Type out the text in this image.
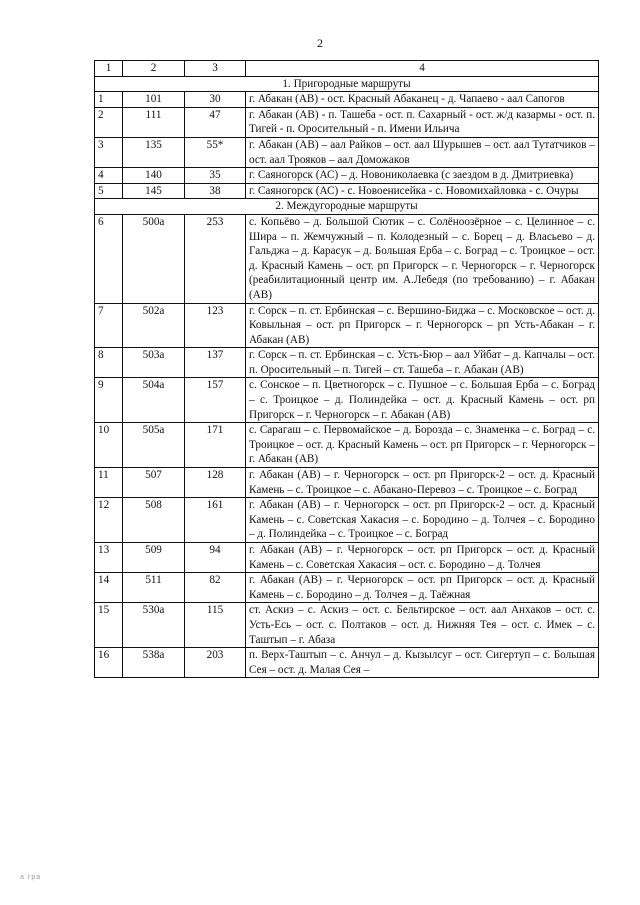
2
1	2	3	4
1. Пригородные маршруты			
1	101	30	г. Абакан (АВ) - ост. Красный Абаканец - д. Чапаево - аал Сапогов
2	111	47	г. Абакан (АВ) - п. Ташеба - ост. п. Сахарный - ост. ж/д казармы - ост. п. Тигей - п. Оросительный - п. Имени Ильича
3	135	55*	г. Абакан (АВ) – аал Райков – ост. аал Шурышев – ост. аал Тутатчиков – ост. аал Трояков – аал Доможаков
4	140	35	г. Саяногорск (АС) – д. Новониколаевка (с заездом в д. Дмитриевка)
5	145	38	г. Саяногорск (АС) - с. Новоенисейка - с. Новомихайловка - с. Очуры
2. Междугородные маршруты			
6	500а	253	с. Копьёво – д. Большой Сютик – с. Солёноозёрное – с. Целинное – с. Шира – п. Жемчужный – п. Колодезный – с. Борец – д. Власьево – д. Гальджа – д. Карасук – д. Большая Ерба – с. Боград – с. Троицкое – ост. д. Красный Камень – ост. рп Пригорск – г. Черногорск – г. Черногорск (реабилитационный центр им. А.Лебедя (по требованию) – г. Абакан (АВ)
7	502а	123	г. Сорск – п. ст. Ербинская – с. Вершино-Биджа – с. Московское – ост. д. Ковыльная – ост. рп Пригорск – г. Черногорск – рп Усть-Абакан – г. Абакан (АВ)
8	503а	137	г. Сорск – п. ст. Ербинская – с. Усть-Бюр – аал Уйбат – д. Капчалы – ост. п. Оросительный – п. Тигей – ст. Ташеба – г. Абакан (АВ)
9	504а	157	с. Сонское – п. Цветногорск – с. Пушное – с. Большая Ерба – с. Боград – с. Троицкое – д. Полиндейка – ост. д. Красный Камень – ост. рп Пригорск – г. Черногорск – г. Абакан (АВ)
10	505а	171	с. Сарагаш – с. Первомайское – д. Борозда – с. Знаменка – с. Боград – с. Троицкое – ост. д. Красный Камень – ост. рп Пригорск – г. Черногорск – г. Абакан (АВ)
11	507	128	г. Абакан (АВ) – г. Черногорск – ост. рп Пригорск-2 – ост. д. Красный Камень – с. Троицкое – с. Абакано-Перевоз – с. Троицкое – с. Боград
12	508	161	г. Абакан (АВ) – г. Черногорск – ост. рп Пригорск-2 – ост. д. Красный Камень – с. Советская Хакасия – с. Бородино – д. Толчея – с. Бородино – д. Полиндейка – с. Троицкое – с. Боград
13	509	94	г. Абакан (АВ) – г. Черногорск – ост. рп Пригорск – ост. д. Красный Камень – с. Советская Хакасия – ост. с. Бородино – д. Толчея
14	511	82	г. Абакан (АВ) – г. Черногорск – ост. рп Пригорск – ост. д. Красный Камень – с. Бородино – д. Толчея – д. Таёжная
15	530а	115	ст. Аскиз – с. Аскиз – ост. с. Бельтирское – ост. аал Анхаков – ост. с. Усть-Есь – ост. с. Полтаков – ост. д. Нижняя Тея – ост. с. Имек – с. Таштып – г. Абаза
16	538а	203	п. Верх-Таштып – с. Анчул – д. Кызылсуг – ост. Сигертуп – с. Большая Сея – ост. д. Малая Сея –
а гра
